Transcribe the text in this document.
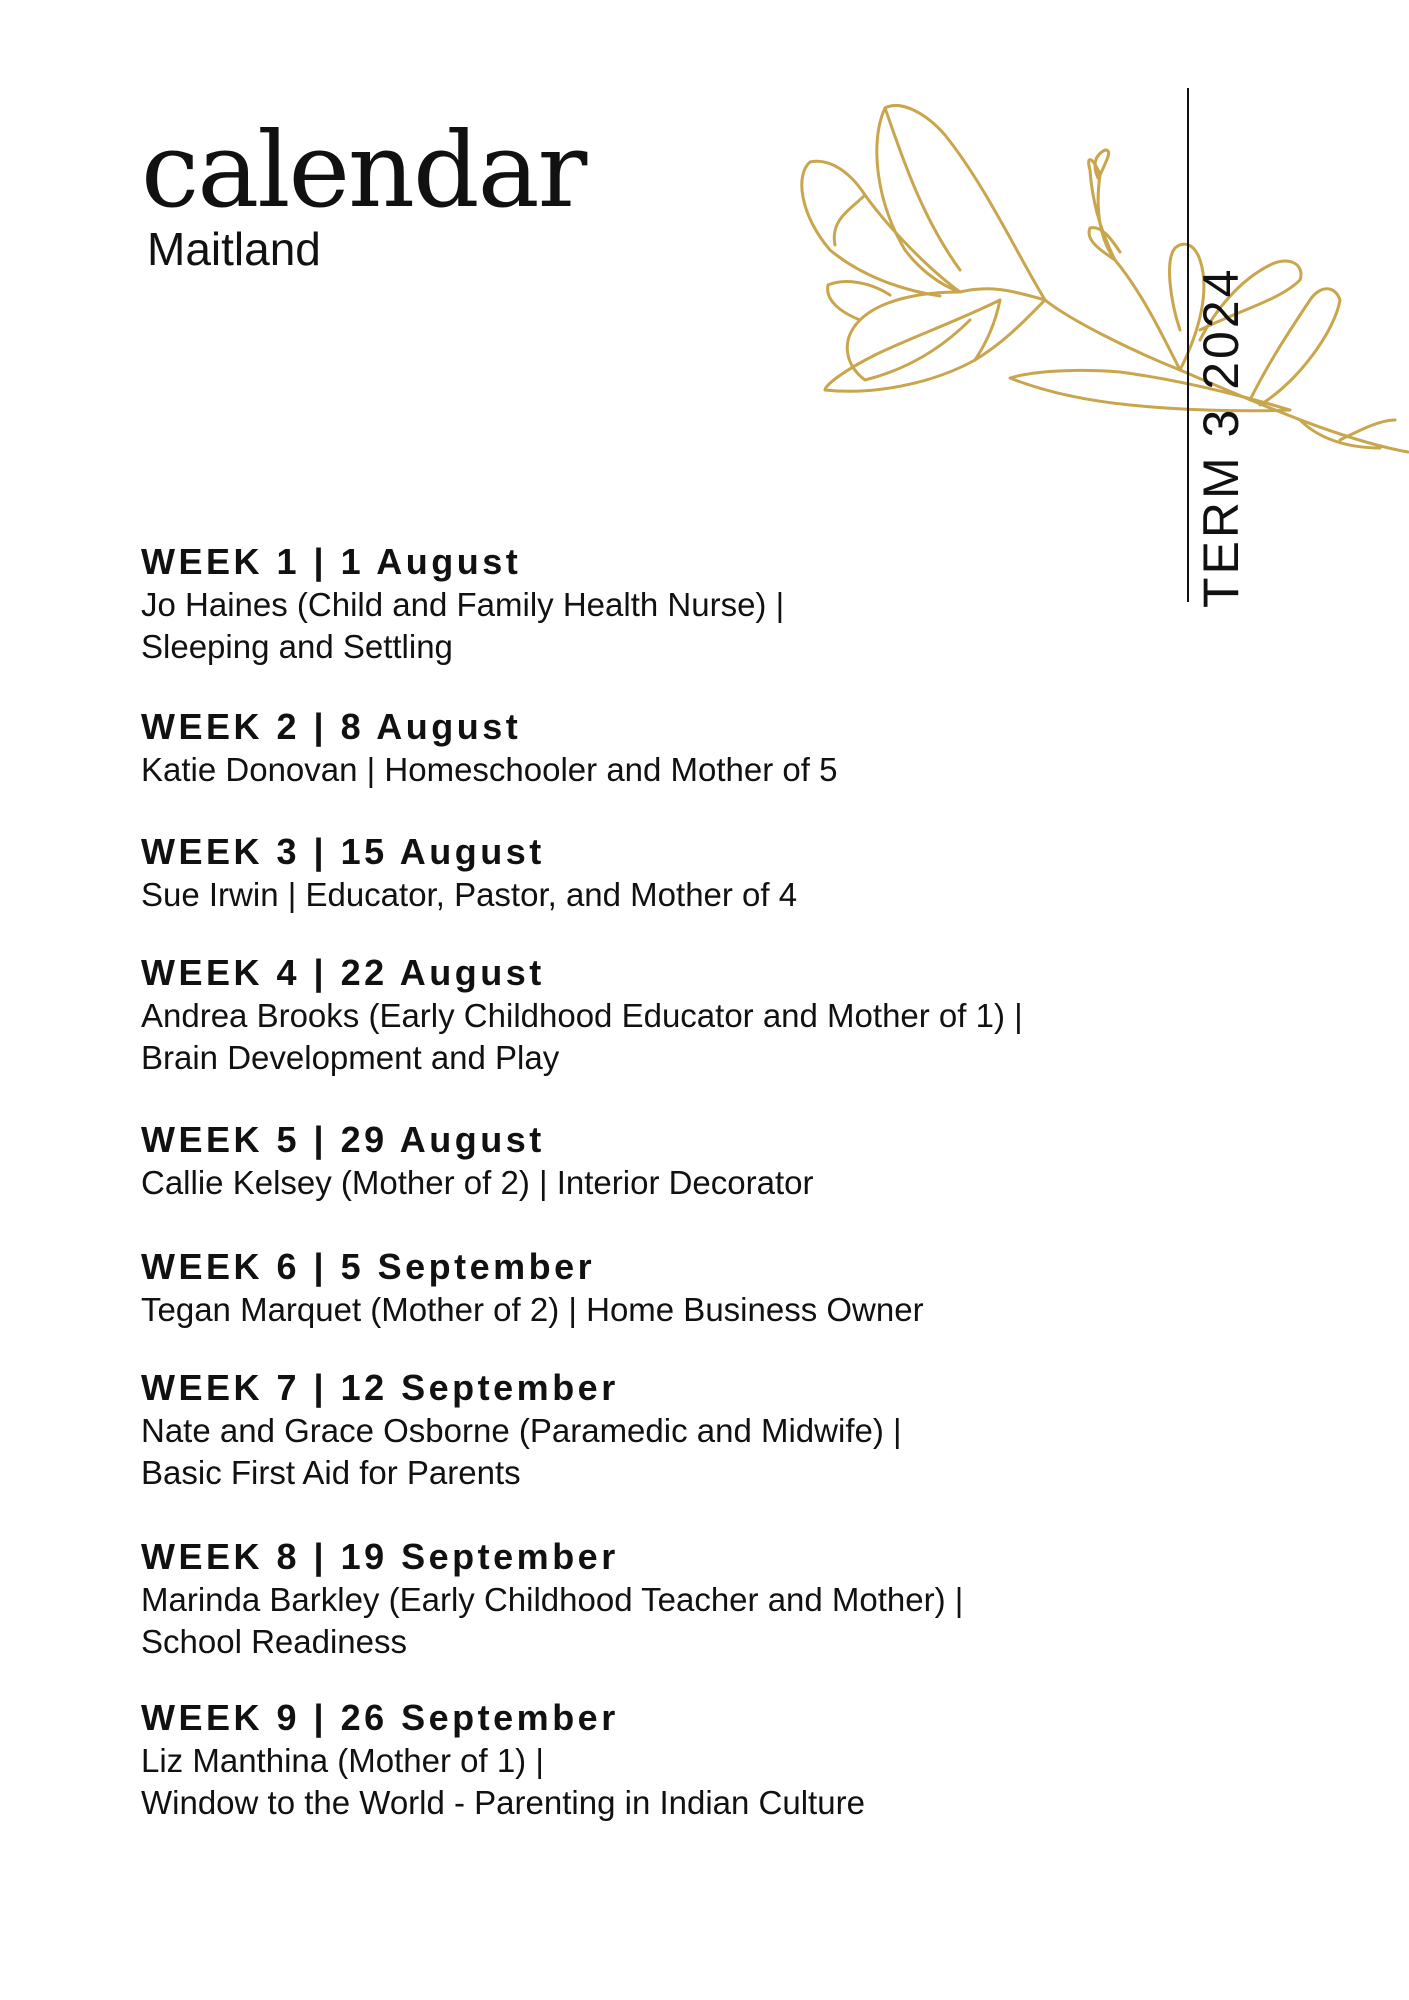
calendar
Maitland
TERM 3 2024
WEEK 1 | 1 August
Jo Haines (Child and Family Health Nurse) |
Sleeping and Settling
WEEK 2 | 8 August
Katie Donovan | Homeschooler and Mother of 5
WEEK 3 | 15 August
Sue Irwin | Educator, Pastor, and Mother of 4
WEEK 4 | 22 August
Andrea Brooks (Early Childhood Educator and Mother of 1) |
Brain Development and Play
WEEK 5 | 29 August
Callie Kelsey (Mother of 2) | Interior Decorator
WEEK 6 | 5 September
Tegan Marquet (Mother of 2) | Home Business Owner
WEEK 7 | 12 September
Nate and Grace Osborne (Paramedic and Midwife) |
Basic First Aid for Parents
WEEK 8 | 19 September
Marinda Barkley (Early Childhood Teacher and Mother) |
School Readiness
WEEK 9 | 26 September
Liz Manthina (Mother of 1) |
Window to the World - Parenting in Indian Culture
